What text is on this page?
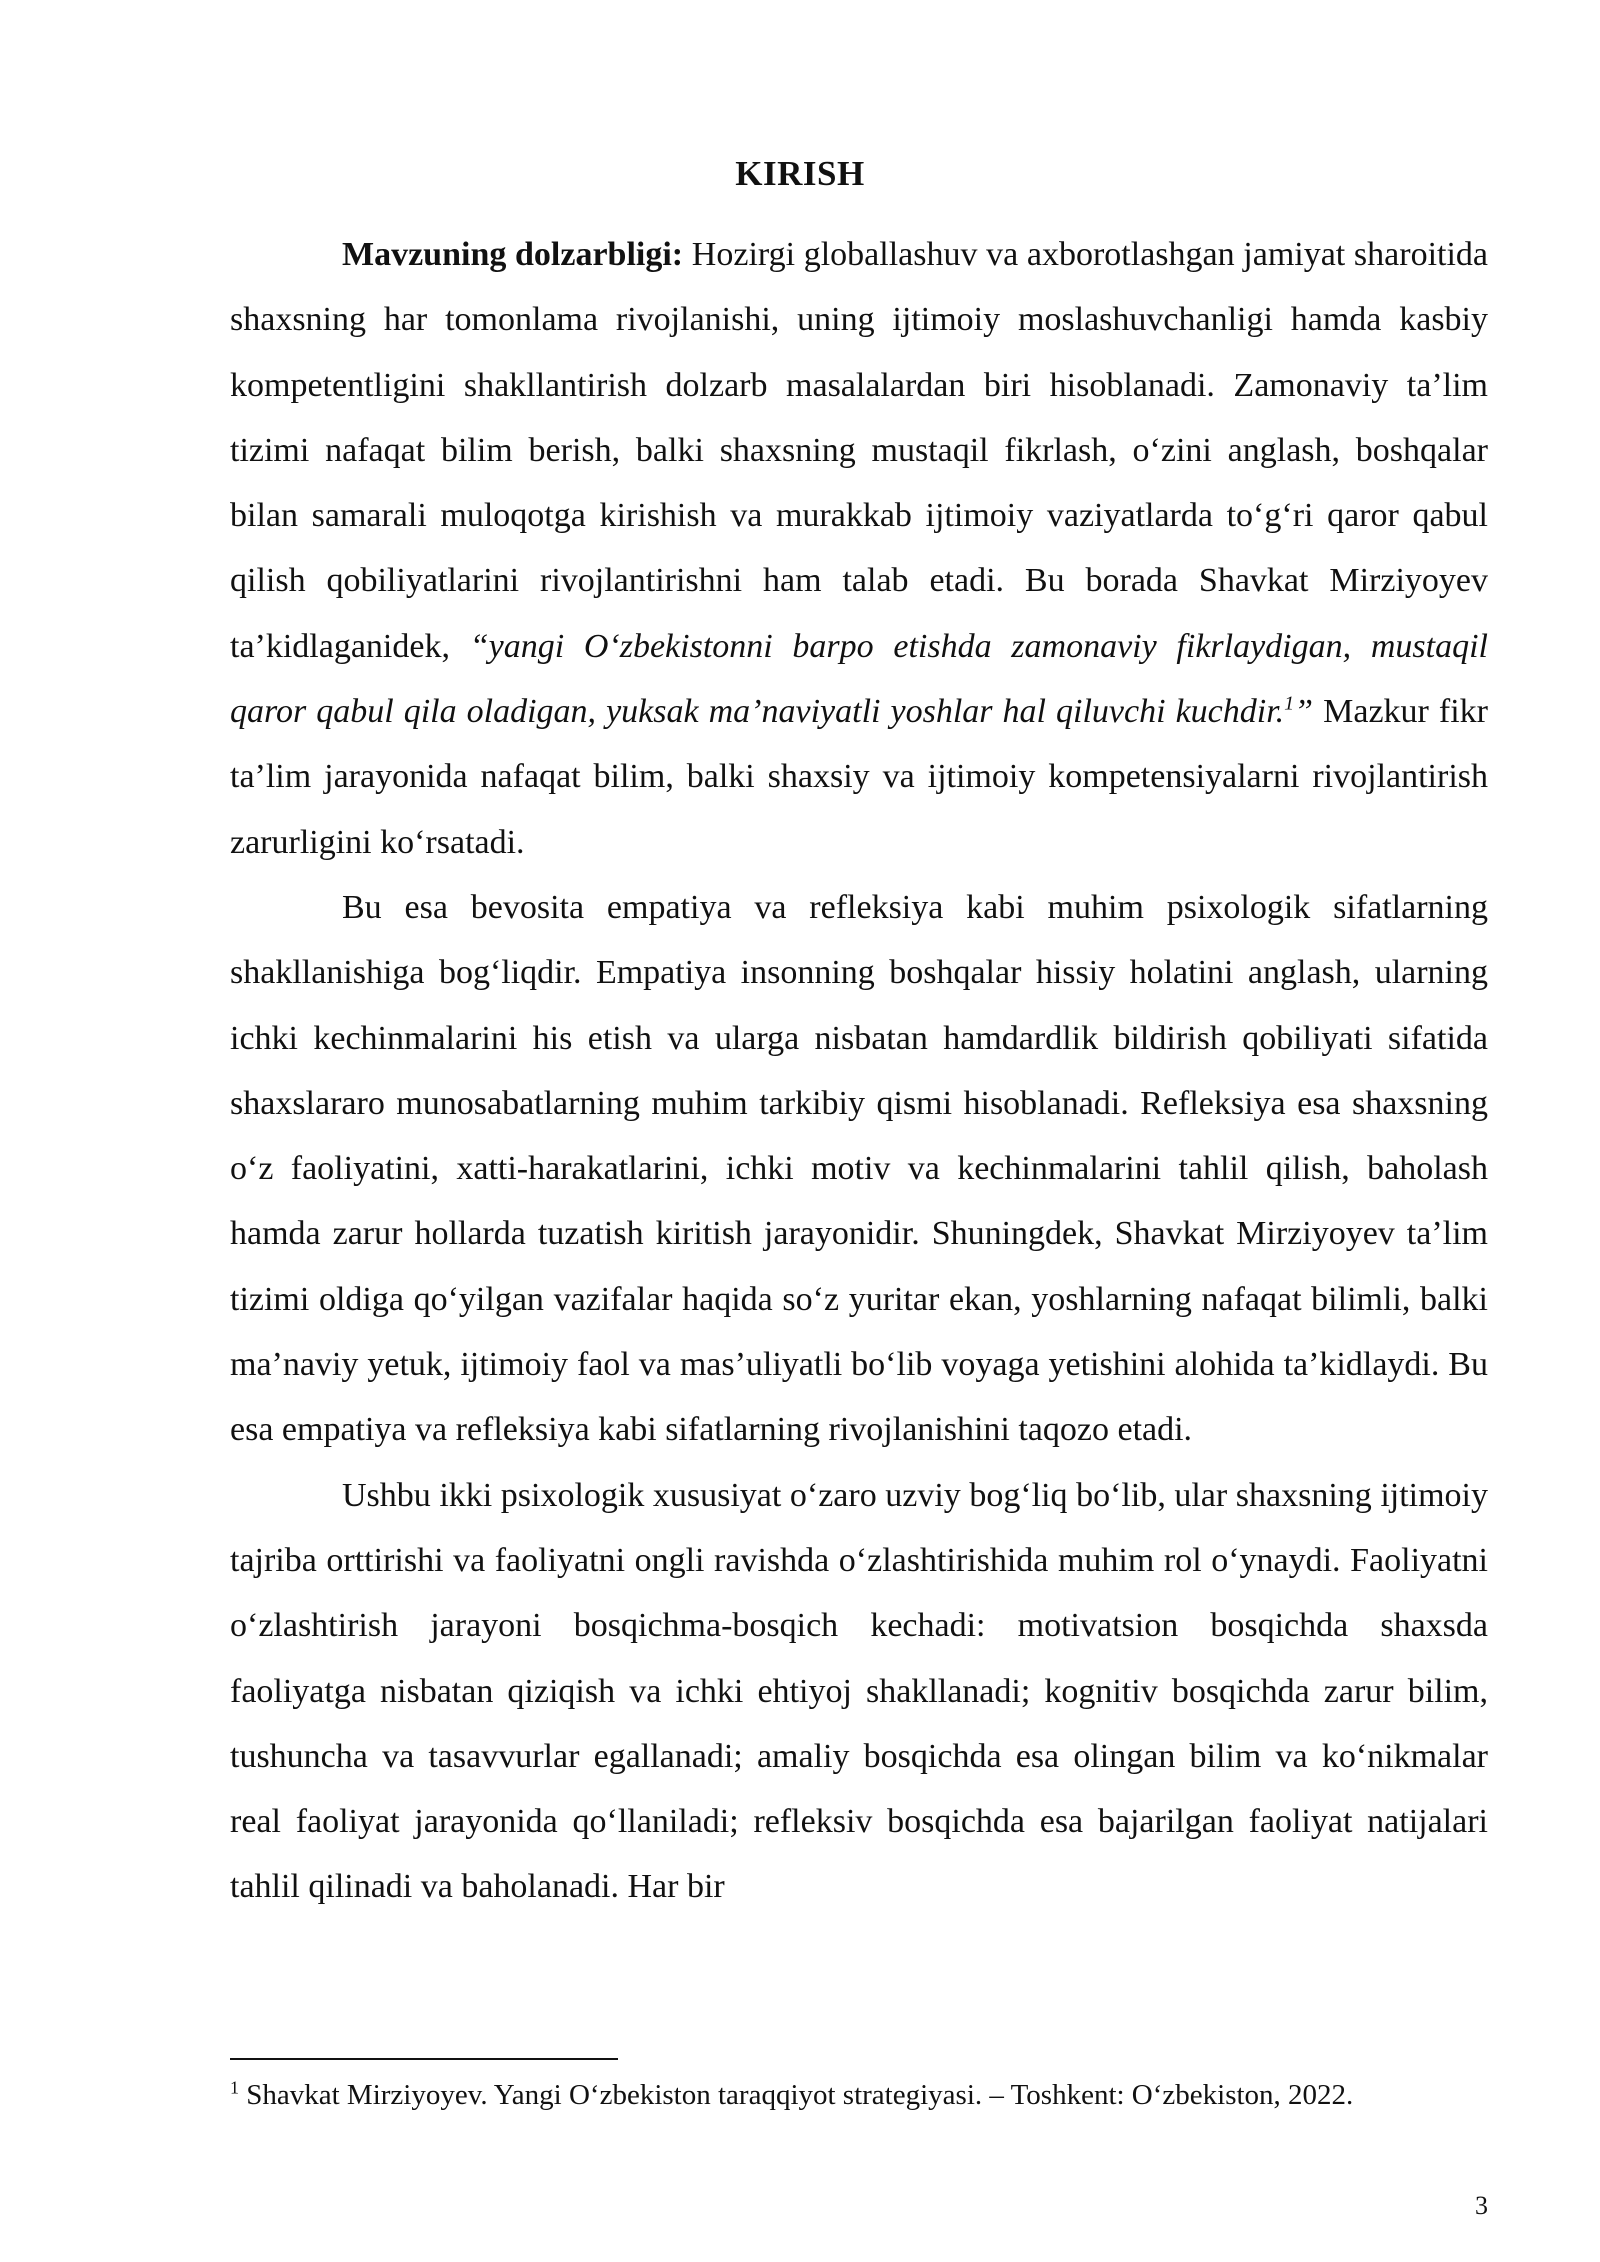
KIRISH

Mavzuning dolzarbligi: Hozirgi globallashuv va axborotlashgan jamiyat sharoitida shaxsning har tomonlama rivojlanishi, uning ijtimoiy moslashuvchanligi hamda kasbiy kompetentligini shakllantirish dolzarb masalalardan biri hisoblanadi. Zamonaviy ta’lim tizimi nafaqat bilim berish, balki shaxsning mustaqil fikrlash, o‘zini anglash, boshqalar bilan samarali muloqotga kirishish va murakkab ijtimoiy vaziyatlarda to‘g‘ri qaror qabul qilish qobiliyatlarini rivojlantirishni ham talab etadi. Bu borada Shavkat Mirziyoyev ta’kidlaganidek, “yangi O‘zbekistonni barpo etishda zamonaviy fikrlaydigan, mustaqil qaror qabul qila oladigan, yuksak ma’naviyatli yoshlar hal qiluvchi kuchdir.$^1$” Mazkur fikr ta’lim jarayonida nafaqat bilim, balki shaxsiy va ijtimoiy kompetensiyalarni rivojlantirish zarurligini ko‘rsatadi.

Bu esa bevosita empatiya va refleksiya kabi muhim psixologik sifatlarning shakllanishiga bog‘liqdir. Empatiya insonning boshqalar hissiy holatini anglash, ularning ichki kechinmalarini his etish va ularga nisbatan hamdardlik bildirish qobiliyati sifatida shaxslararo munosabatlarning muhim tarkibiy qismi hisoblanadi. Refleksiya esa shaxsning o‘z faoliyatini, xatti-harakatlarini, ichki motiv va kechinmalarini tahlil qilish, baholash hamda zarur hollarda tuzatish kiritish jarayonidir. Shuningdek, Shavkat Mirziyoyev ta’lim tizimi oldiga qo‘yilgan vazifalar haqida so‘z yuritar ekan, yoshlarning nafaqat bilimli, balki ma’naviy yetuk, ijtimoiy faol va mas’uliyatli bo‘lib voyaga yetishini alohida ta’kidlaydi. Bu esa empatiya va refleksiya kabi sifatlarning rivojlanishini taqozo etadi.

Ushbu ikki psixologik xususiyat o‘zaro uzviy bog‘liq bo‘lib, ular shaxsning ijtimoiy tajriba orttirishi va faoliyatni ongli ravishda o‘zlashtirishida muhim rol o‘ynaydi. Faoliyatni o‘zlashtirish jarayoni bosqichma-bosqich kechadi: motivatsion bosqichda shaxsda faoliyatga nisbatan qiziqish va ichki ehtiyoj shakllanadi; kognitiv bosqichda zarur bilim, tushuncha va tasavvurlar egallanadi; amaliy bosqichda esa olingan bilim va ko‘nikmalar real faoliyat jarayonida qo‘llaniladi; refleksiv bosqichda esa bajarilgan faoliyat natijalari tahlil qilinadi va baholanadi. Har bir

$^1$ Shavkat Mirziyoyev. Yangi O‘zbekiston taraqqiyot strategiyasi. – Toshkent: O‘zbekiston, 2022.
3
